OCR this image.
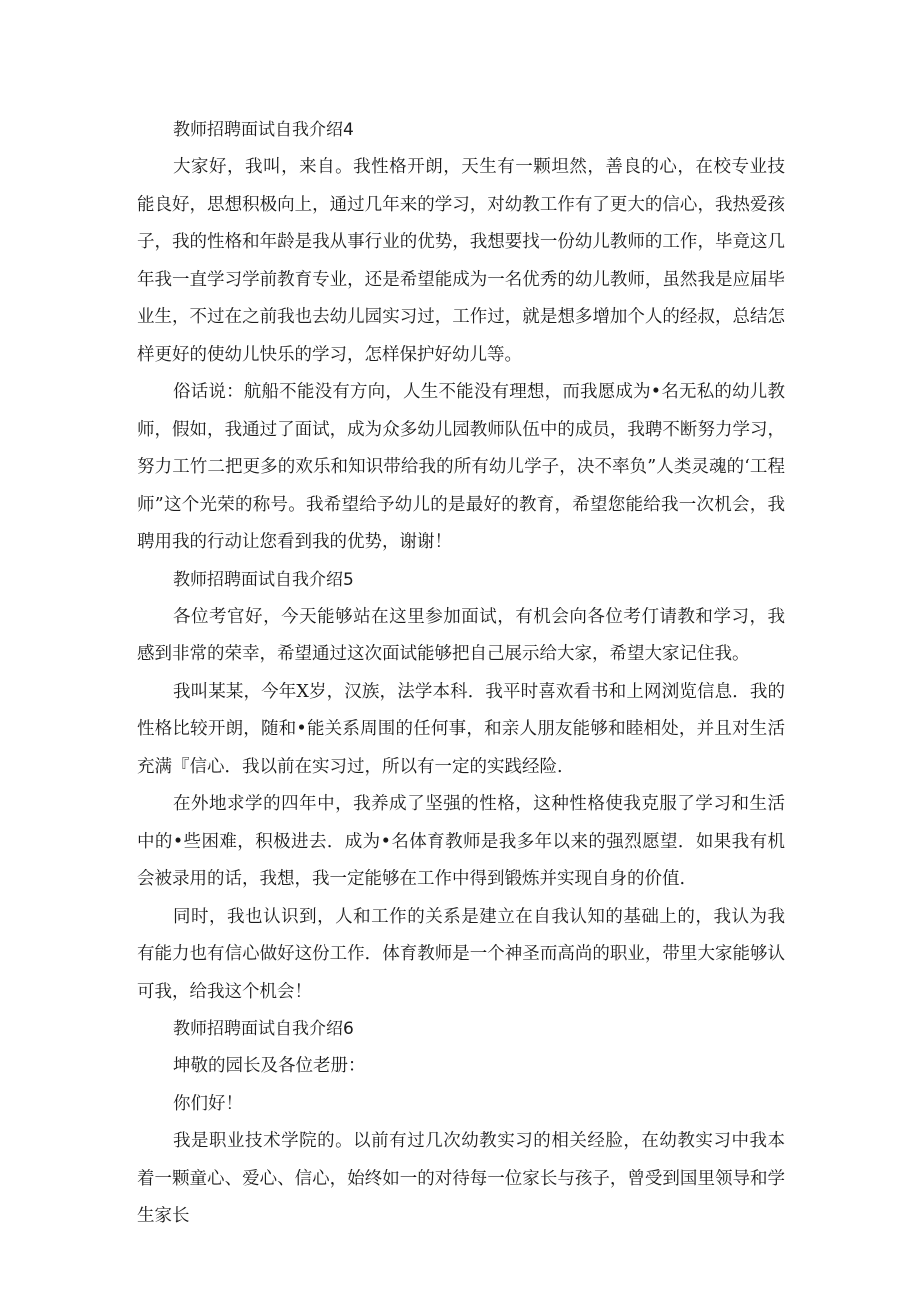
教师招聘面试自我介绍4

大家好，我叫，来自。我性格开朗，天生有一颗坦然，善良的心，在校专业技能良好，思想积极向上，通过几年来的学习，对幼教工作有了更大的信心，我热爱孩子，我的性格和年龄是我从事行业的优势，我想要找一份幼儿教师的工作，毕竟这几年我一直学习学前教育专业，还是希望能成为一名优秀的幼儿教师，虽然我是应届毕业生，不过在之前我也去幼儿园实习过，工作过，就是想多增加个人的经叔，总结怎样更好的使幼儿快乐的学习，怎样保护好幼儿等。

俗话说：航船不能没有方向，人生不能没有理想，而我愿成为•名无私的幼儿教师，假如，我通过了面试，成为众多幼儿园教师队伍中的成员，我聘不断努力学习，努力工竹二把更多的欢乐和知识带给我的所有幼儿学子，决不率负”人类灵魂的‘工程师”这个光荣的称号。我希望给予幼儿的是最好的教育，希望您能给我一次机会，我聘用我的行动让您看到我的优势，谢谢！

教师招聘面试自我介绍5

各位考官好，今天能够站在这里参加面试，有机会向各位考仃请教和学习，我感到非常的荣幸，希望通过这次面试能够把自己展示给大家，希望大家记住我。

我叫某某，今年X岁，汉族，法学本科．我平时喜欢看书和上网浏览信息．我的性格比较开朗，随和•能关系周围的任何事，和亲人朋友能够和睦相处，并且对生活充满『信心．我以前在实习过，所以有一定的实践经险.

在外地求学的四年中，我养成了坚强的性格，这种性格使我克服了学习和生活中的•些困难，积极进去．成为•名体育教师是我多年以来的强烈愿望．如果我有机会被录用的话，我想，我一定能够在工作中得到锻炼并实现自身的价值.

同时，我也认识到，人和工作的关系是建立在自我认知的基础上的，我认为我有能力也有信心做好这份工作．体育教师是一个神圣而高尚的职业，带里大家能够认可我，给我这个机会！

教师招聘面试自我介绍6

坤敬的园长及各位老册：

你们好！

我是职业技术学院的。以前有过几次幼教实习的相关经脸，在幼教实习中我本着一颗童心、爱心、信心，始终如一的对待每一位家长与孩子，曾受到国里领导和学生家长
